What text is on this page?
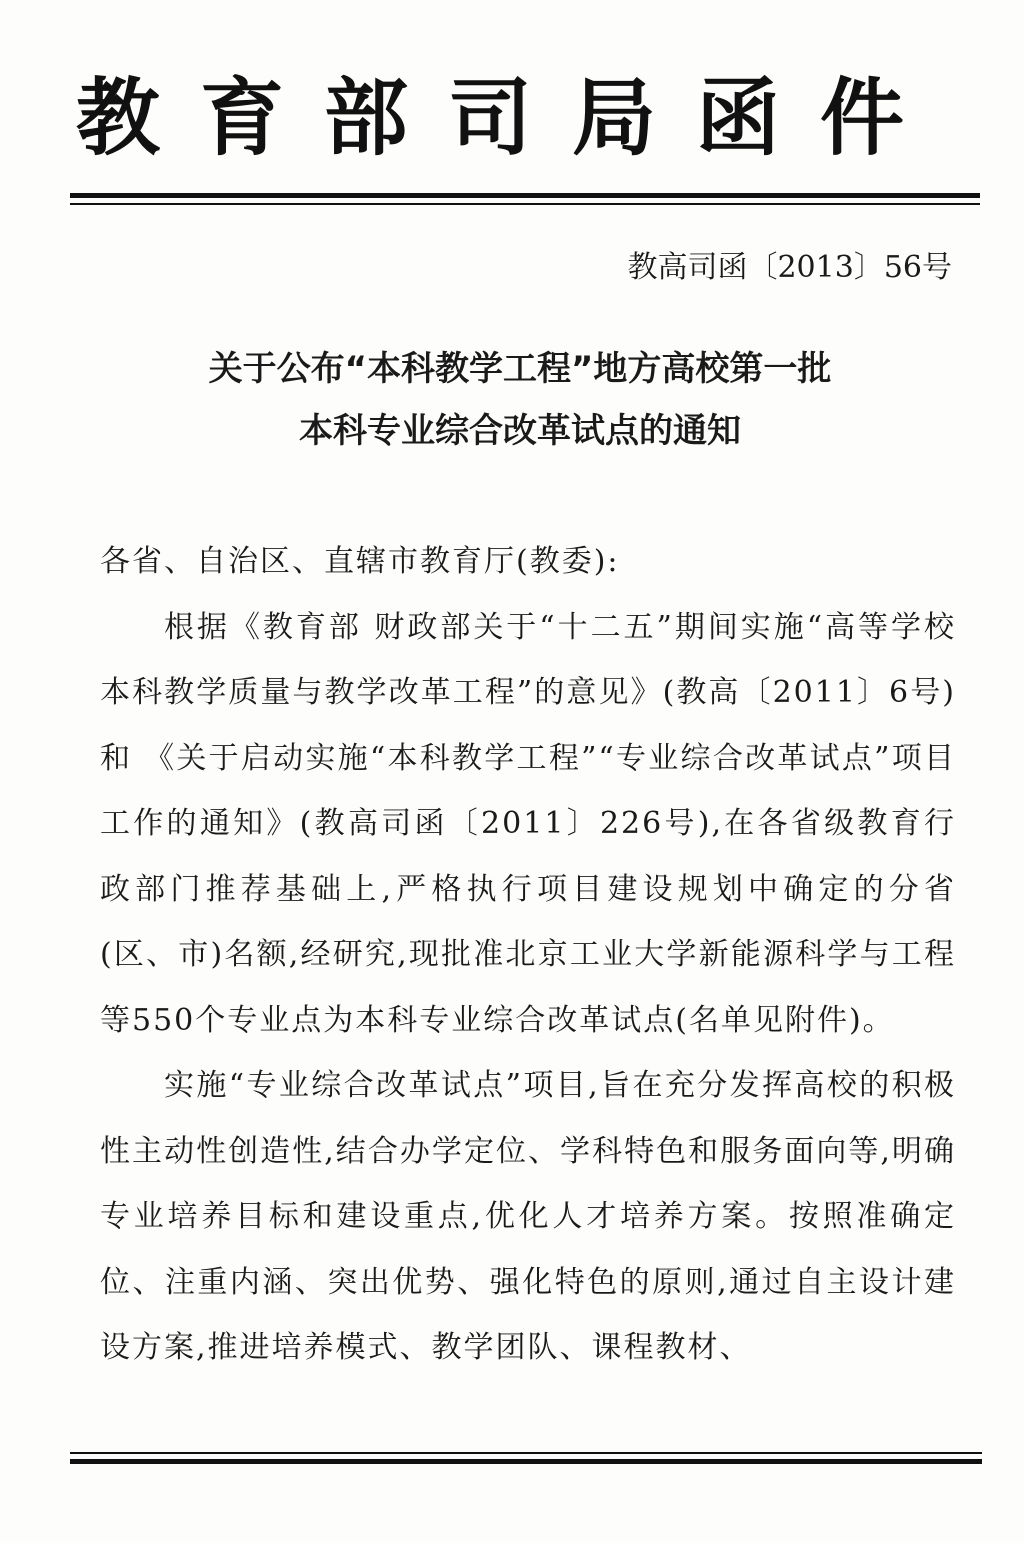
教育部司局函件
教高司函〔2013〕56号
关于公布“本科教学工程”地方高校第一批
本科专业综合改革试点的通知

各省、自治区、直辖市教育厅(教委):

根据《教育部 财政部关于“十二五”期间实施“高等学校本科教学质量与教学改革工程”的意见》(教高〔2011〕6号)和 《关于启动实施“本科教学工程”“专业综合改革试点”项目工作的通知》(教高司函〔2011〕226号),在各省级教育行政部门推荐基础上,严格执行项目建设规划中确定的分省(区、市)名额,经研究,现批准北京工业大学新能源科学与工程等550个专业点为本科专业综合改革试点(名单见附件)。

实施“专业综合改革试点”项目,旨在充分发挥高校的积极性主动性创造性,结合办学定位、学科特色和服务面向等,明确专业培养目标和建设重点,优化人才培养方案。按照准确定位、注重内涵、突出优势、强化特色的原则,通过自主设计建设方案,推进培养模式、教学团队、课程教材、
